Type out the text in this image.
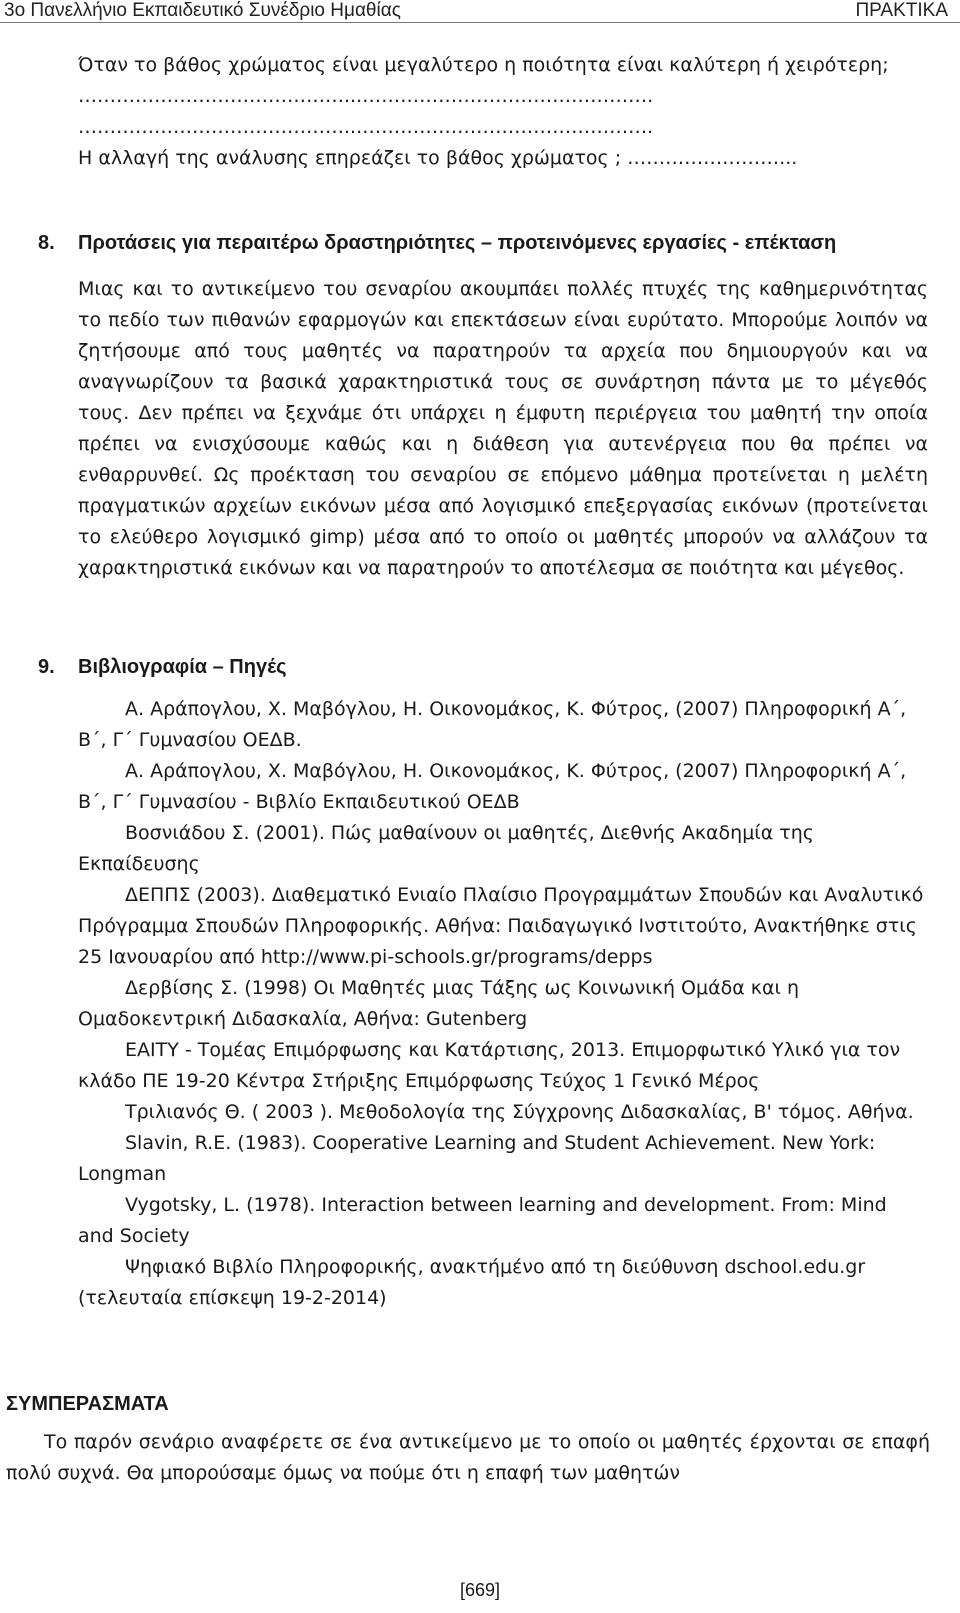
3ο Πανελλήνιο Εκπαιδευτικό Συνέδριο Ημαθίας	ΠΡΑΚΤΙΚΑ

Όταν το βάθος χρώματος είναι μεγαλύτερο η ποιότητα είναι καλύτερη ή χειρότερη;

……………………………………...……………………………………….

……………………………………...……………………………………….

Η αλλαγή της ανάλυσης επηρεάζει το βάθος χρώματος ; ……………………...

8. Προτάσεις για περαιτέρω δραστηριότητες – προτεινόμενες εργασίες - επέκταση

Μιας και το αντικείμενο του σεναρίου ακουμπάει πολλές πτυχές της καθημερινότητας το πεδίο των πιθανών εφαρμογών και επεκτάσεων είναι ευρύτατο. Μπορούμε λοιπόν να ζητήσουμε από τους μαθητές να παρατηρούν τα αρχεία που δημιουργούν και να αναγνωρίζουν τα βασικά χαρακτηριστικά τους σε συνάρτηση πάντα με το μέγεθός τους. Δεν πρέπει να ξεχνάμε ότι υπάρχει η έμφυτη περιέργεια του μαθητή την οποία πρέπει να ενισχύσουμε καθώς και η διάθεση για αυτενέργεια που θα πρέπει να ενθαρρυνθεί. Ως προέκταση του σεναρίου σε επόμενο μάθημα προτείνεται η μελέτη πραγματικών αρχείων εικόνων μέσα από λογισμικό επεξεργασίας εικόνων (προτείνεται το ελεύθερο λογισμικό gimp) μέσα από το οποίο οι μαθητές μπορούν να αλλάζουν τα χαρακτηριστικά εικόνων και να παρατηρούν το αποτέλεσμα σε ποιότητα και μέγεθος.

9. Βιβλιογραφία – Πηγές

Α. Αράπογλου, Χ. Μαβόγλου, Η. Οικονομάκος, Κ. Φύτρος, (2007) Πληροφορική Α΄, Β΄, Γ΄ Γυμνασίου ΟΕΔΒ.

Α. Αράπογλου, Χ. Μαβόγλου, Η. Οικονομάκος, Κ. Φύτρος, (2007) Πληροφορική Α΄, Β΄, Γ΄ Γυμνασίου - Βιβλίο Εκπαιδευτικού ΟΕΔΒ

Βοσνιάδου Σ. (2001). Πώς μαθαίνουν οι μαθητές, Διεθνής Ακαδημία της Εκπαίδευσης

ΔΕΠΠΣ (2003). Διαθεματικό Ενιαίο Πλαίσιο Προγραμμάτων Σπουδών και Αναλυτικό Πρόγραμμα Σπουδών Πληροφορικής. Αθήνα: Παιδαγωγικό Ινστιτούτο, Ανακτήθηκε στις 25 Ιανουαρίου από http://www.pi-schools.gr/programs/depps

Δερβίσης Σ. (1998) Οι Μαθητές μιας Τάξης ως Κοινωνική Ομάδα και η Ομαδοκεντρική Διδασκαλία, Αθήνα: Gutenberg

ΕΑΙΤΥ - Τομέας Επιμόρφωσης και Κατάρτισης, 2013. Επιμορφωτικό Υλικό για τον κλάδο ΠΕ 19-20 Κέντρα Στήριξης Επιμόρφωσης Τεύχος 1 Γενικό Μέρος

Τριλιανός Θ. ( 2003 ). Μεθοδολογία της Σύγχρονης Διδασκαλίας, Β' τόμος. Αθήνα.

Slavin, R.E. (1983). Cooperative Learning and Student Achievement. New York: Longman

Vygotsky, L. (1978). Interaction between learning and development. From: Mind and Society

Ψηφιακό Βιβλίο Πληροφορικής, ανακτήμένο από τη διεύθυνση dschool.edu.gr (τελευταία επίσκεψη 19-2-2014)

ΣΥΜΠΕΡΑΣΜΑΤΑ

Το παρόν σενάριο αναφέρετε σε ένα αντικείμενο με το οποίο οι μαθητές έρχονται σε επαφή πολύ συχνά. Θα μπορούσαμε όμως να πούμε ότι η επαφή των μαθητών

[669]
